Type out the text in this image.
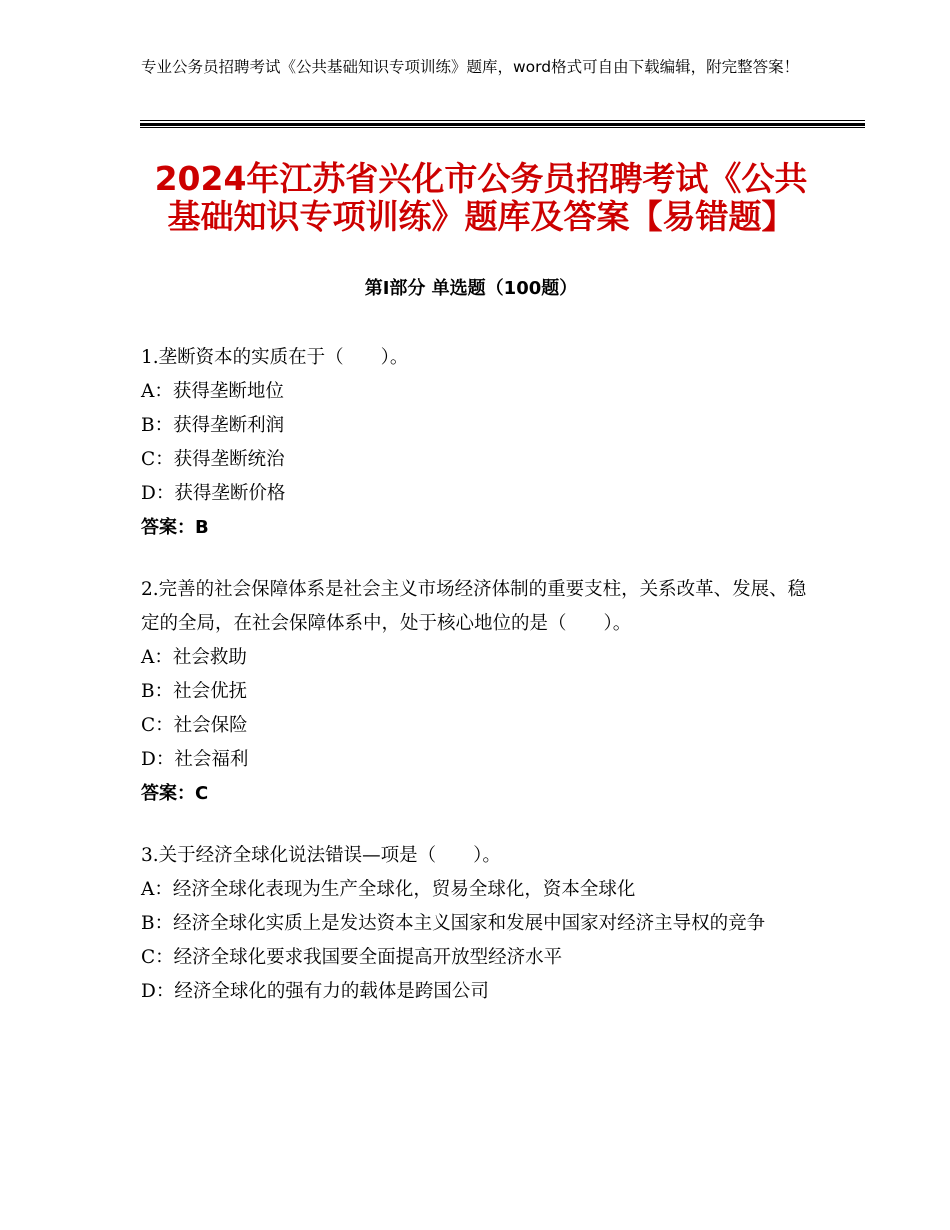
专业公务员招聘考试《公共基础知识专项训练》题库，word格式可自由下载编辑，附完整答案！
2024年江苏省兴化市公务员招聘考试《公共基础知识专项训练》题库及答案【易错题】
第Ⅰ部分 单选题（100题）
1.垄断资本的实质在于（　　）。
A：获得垄断地位
B：获得垄断利润
C：获得垄断统治
D：获得垄断价格
答案：B
2.完善的社会保障体系是社会主义市场经济体制的重要支柱，关系改革、发展、稳定的全局，在社会保障体系中，处于核心地位的是（　　）。
A：社会救助
B：社会优抚
C：社会保险
D：社会福利
答案：C
3.关于经济全球化说法错误—项是（　　）。
A：经济全球化表现为生产全球化，贸易全球化，资本全球化
B：经济全球化实质上是发达资本主义国家和发展中国家对经济主导权的竞争
C：经济全球化要求我国要全面提高开放型经济水平
D：经济全球化的强有力的载体是跨国公司
